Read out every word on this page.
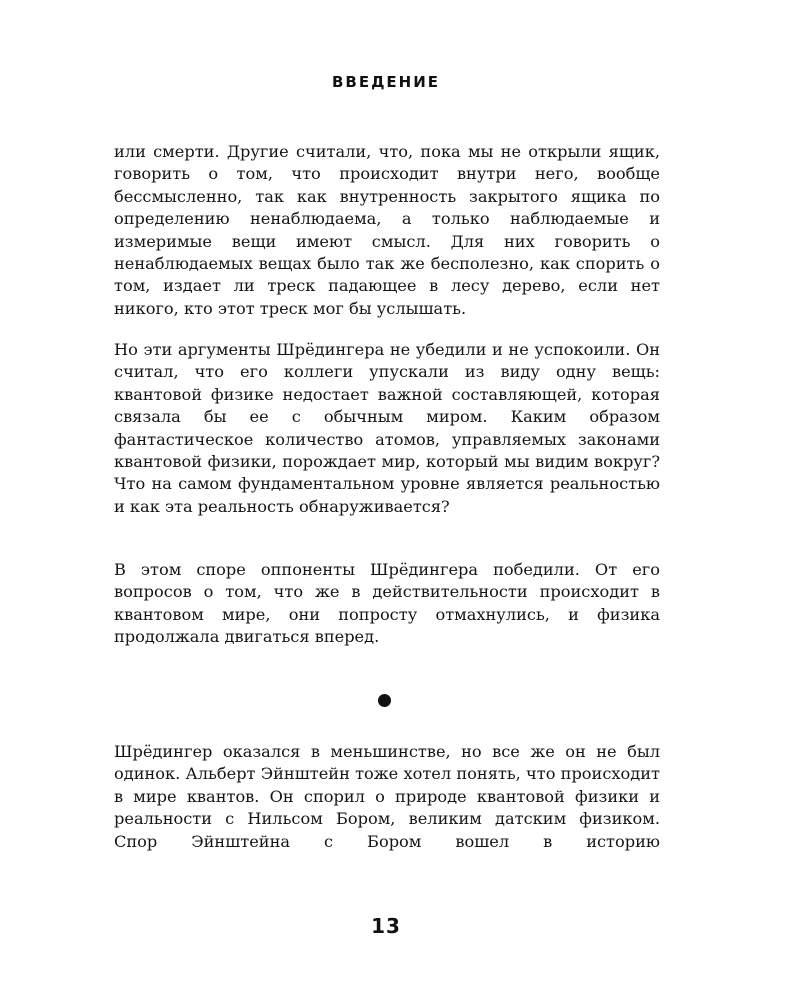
ВВЕДЕНИЕ

или смерти. Другие считали, что, пока мы не открыли ящик, говорить о том, что происходит внутри него, вообще бессмысленно, так как внутренность закрытого ящика по определению ненаблюдаема, а только наблюдаемые и измеримые вещи имеют смысл. Для них говорить о ненаблюдаемых вещах было так же бесполезно, как спорить о том, издает ли треск падающее в лесу дерево, если нет никого, кто этот треск мог бы услышать.

Но эти аргументы Шрёдингера не убедили и не успокоили. Он считал, что его коллеги упускали из виду одну вещь: квантовой физике недостает важной составляющей, которая связала бы ее с обычным миром. Каким образом фантастическое количество атомов, управляемых законами квантовой физики, порождает мир, который мы видим вокруг? Что на самом фундаментальном уровне является реальностью и как эта реальность обнаруживается?

В этом споре оппоненты Шрёдингера победили. От его вопросов о том, что же в действительности происходит в квантовом мире, они попросту отмахнулись, и физика продолжала двигаться вперед.

Шрёдингер оказался в меньшинстве, но все же он не был одинок. Альберт Эйнштейн тоже хотел понять, что происходит в мире квантов. Он спорил о природе квантовой физики и реальности с Нильсом Бором, великим датским физиком. Спор Эйнштейна с Бором вошел в историю

13
